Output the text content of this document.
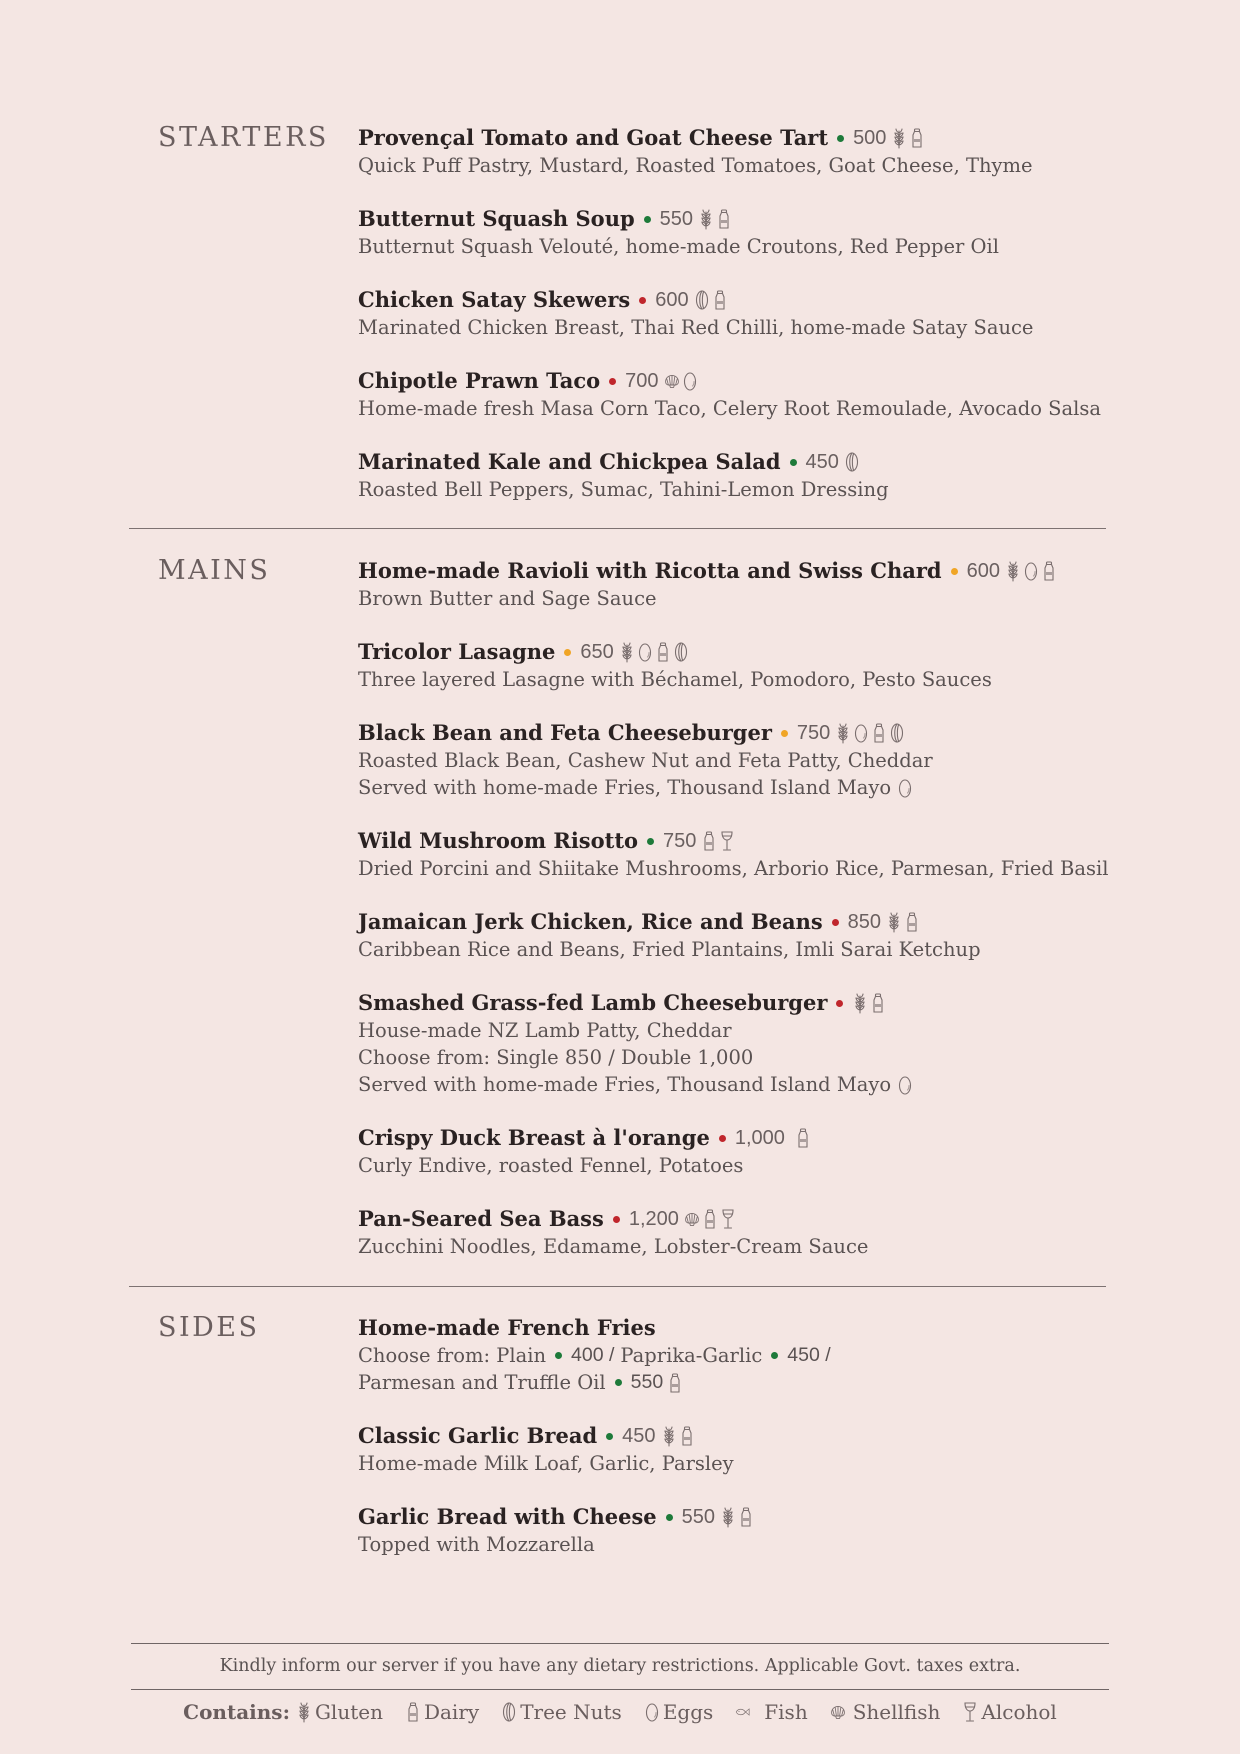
STARTERS Provençal Tomato and Goat Cheese Tart 500
Quick Puff Pastry, Mustard, Roasted Tomatoes, Goat Cheese, Thyme
Butternut Squash Soup 550
Butternut Squash Velouté, home-made Croutons, Red Pepper Oil
Chicken Satay Skewers 600
Marinated Chicken Breast, Thai Red Chilli, home-made Satay Sauce
Chipotle Prawn Taco 700
Home-made fresh Masa Corn Taco, Celery Root Remoulade, Avocado Salsa
Marinated Kale and Chickpea Salad 450
Roasted Bell Peppers, Sumac, Tahini-Lemon Dressing
MAINS	Home-made Ravioli with Ricotta and Swiss Chard 600
Brown Butter and Sage Sauce
Tricolor Lasagne 650
Three layered Lasagne with Béchamel, Pomodoro, Pesto Sauces
Black Bean and Feta Cheeseburger 750
Roasted Black Bean, Cashew Nut and Feta Patty, Cheddar
Served with home-made Fries, Thousand Island Mayo
Wild Mushroom Risotto 750
Dried Porcini and Shiitake Mushrooms, Arborio Rice, Parmesan, Fried Basil
Jamaican Jerk Chicken, Rice and Beans 850
Caribbean Rice and Beans, Fried Plantains, Imli Sarai Ketchup
Smashed Grass-fed Lamb Cheeseburger
House-made NZ Lamb Patty, Cheddar
Choose from: Single 850 / Double 1,000
Served with home-made Fries, Thousand Island Mayo
Crispy Duck Breast à l'orange 1,000
Curly Endive, roasted Fennel, Potatoes
Pan-Seared Sea Bass 1,200
Zucchini Noodles, Edamame, Lobster-Cream Sauce
SIDES	Home-made French Fries
Choose from: Plain 400 / Paprika-Garlic 450 /
Parmesan and Truffle Oil 550
Classic Garlic Bread 450
Home-made Milk Loaf, Garlic, Parsley
Garlic Bread with Cheese 550
Topped with Mozzarella
Kindly inform our server if you have any dietary restrictions. Applicable Govt. taxes extra.
Contains: Gluten Dairy Tree Nuts Eggs	Fish Shellfish Alcohol
